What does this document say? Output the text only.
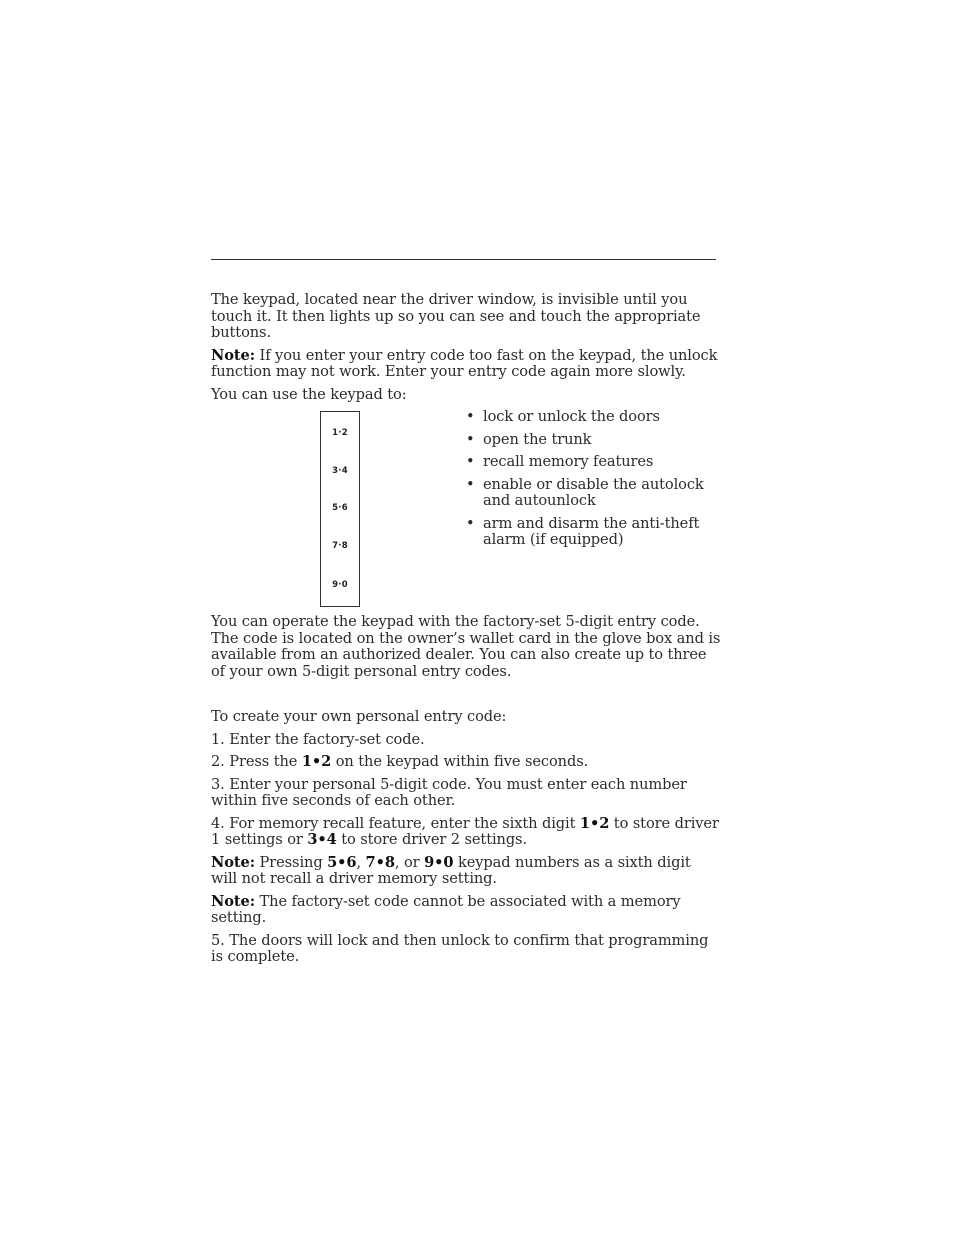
The keypad, located near the driver window, is invisible until you touch it. It then lights up so you can see and touch the appropriate buttons.

Note: If you enter your entry code too fast on the keypad, the unlock function may not work. Enter your entry code again more slowly.

You can use the keypad to:

1·2
3·4
5·6
7·8
9·0
• lock or unlock the doors
• open the trunk
• recall memory features
• enable or disable the autolock and autounlock
• arm and disarm the anti-theft alarm (if equipped)

You can operate the keypad with the factory-set 5-digit entry code. The code is located on the owner’s wallet card in the glove box and is available from an authorized dealer. You can also create up to three of your own 5-digit personal entry codes.

To create your own personal entry code:

1. Enter the factory-set code.

2. Press the 1•2 on the keypad within five seconds.

3. Enter your personal 5-digit code. You must enter each number within five seconds of each other.

4. For memory recall feature, enter the sixth digit 1•2 to store driver 1 settings or 3•4 to store driver 2 settings.

Note: Pressing 5•6, 7•8, or 9•0 keypad numbers as a sixth digit will not recall a driver memory setting.

Note: The factory-set code cannot be associated with a memory setting.

5. The doors will lock and then unlock to confirm that programming is complete.
